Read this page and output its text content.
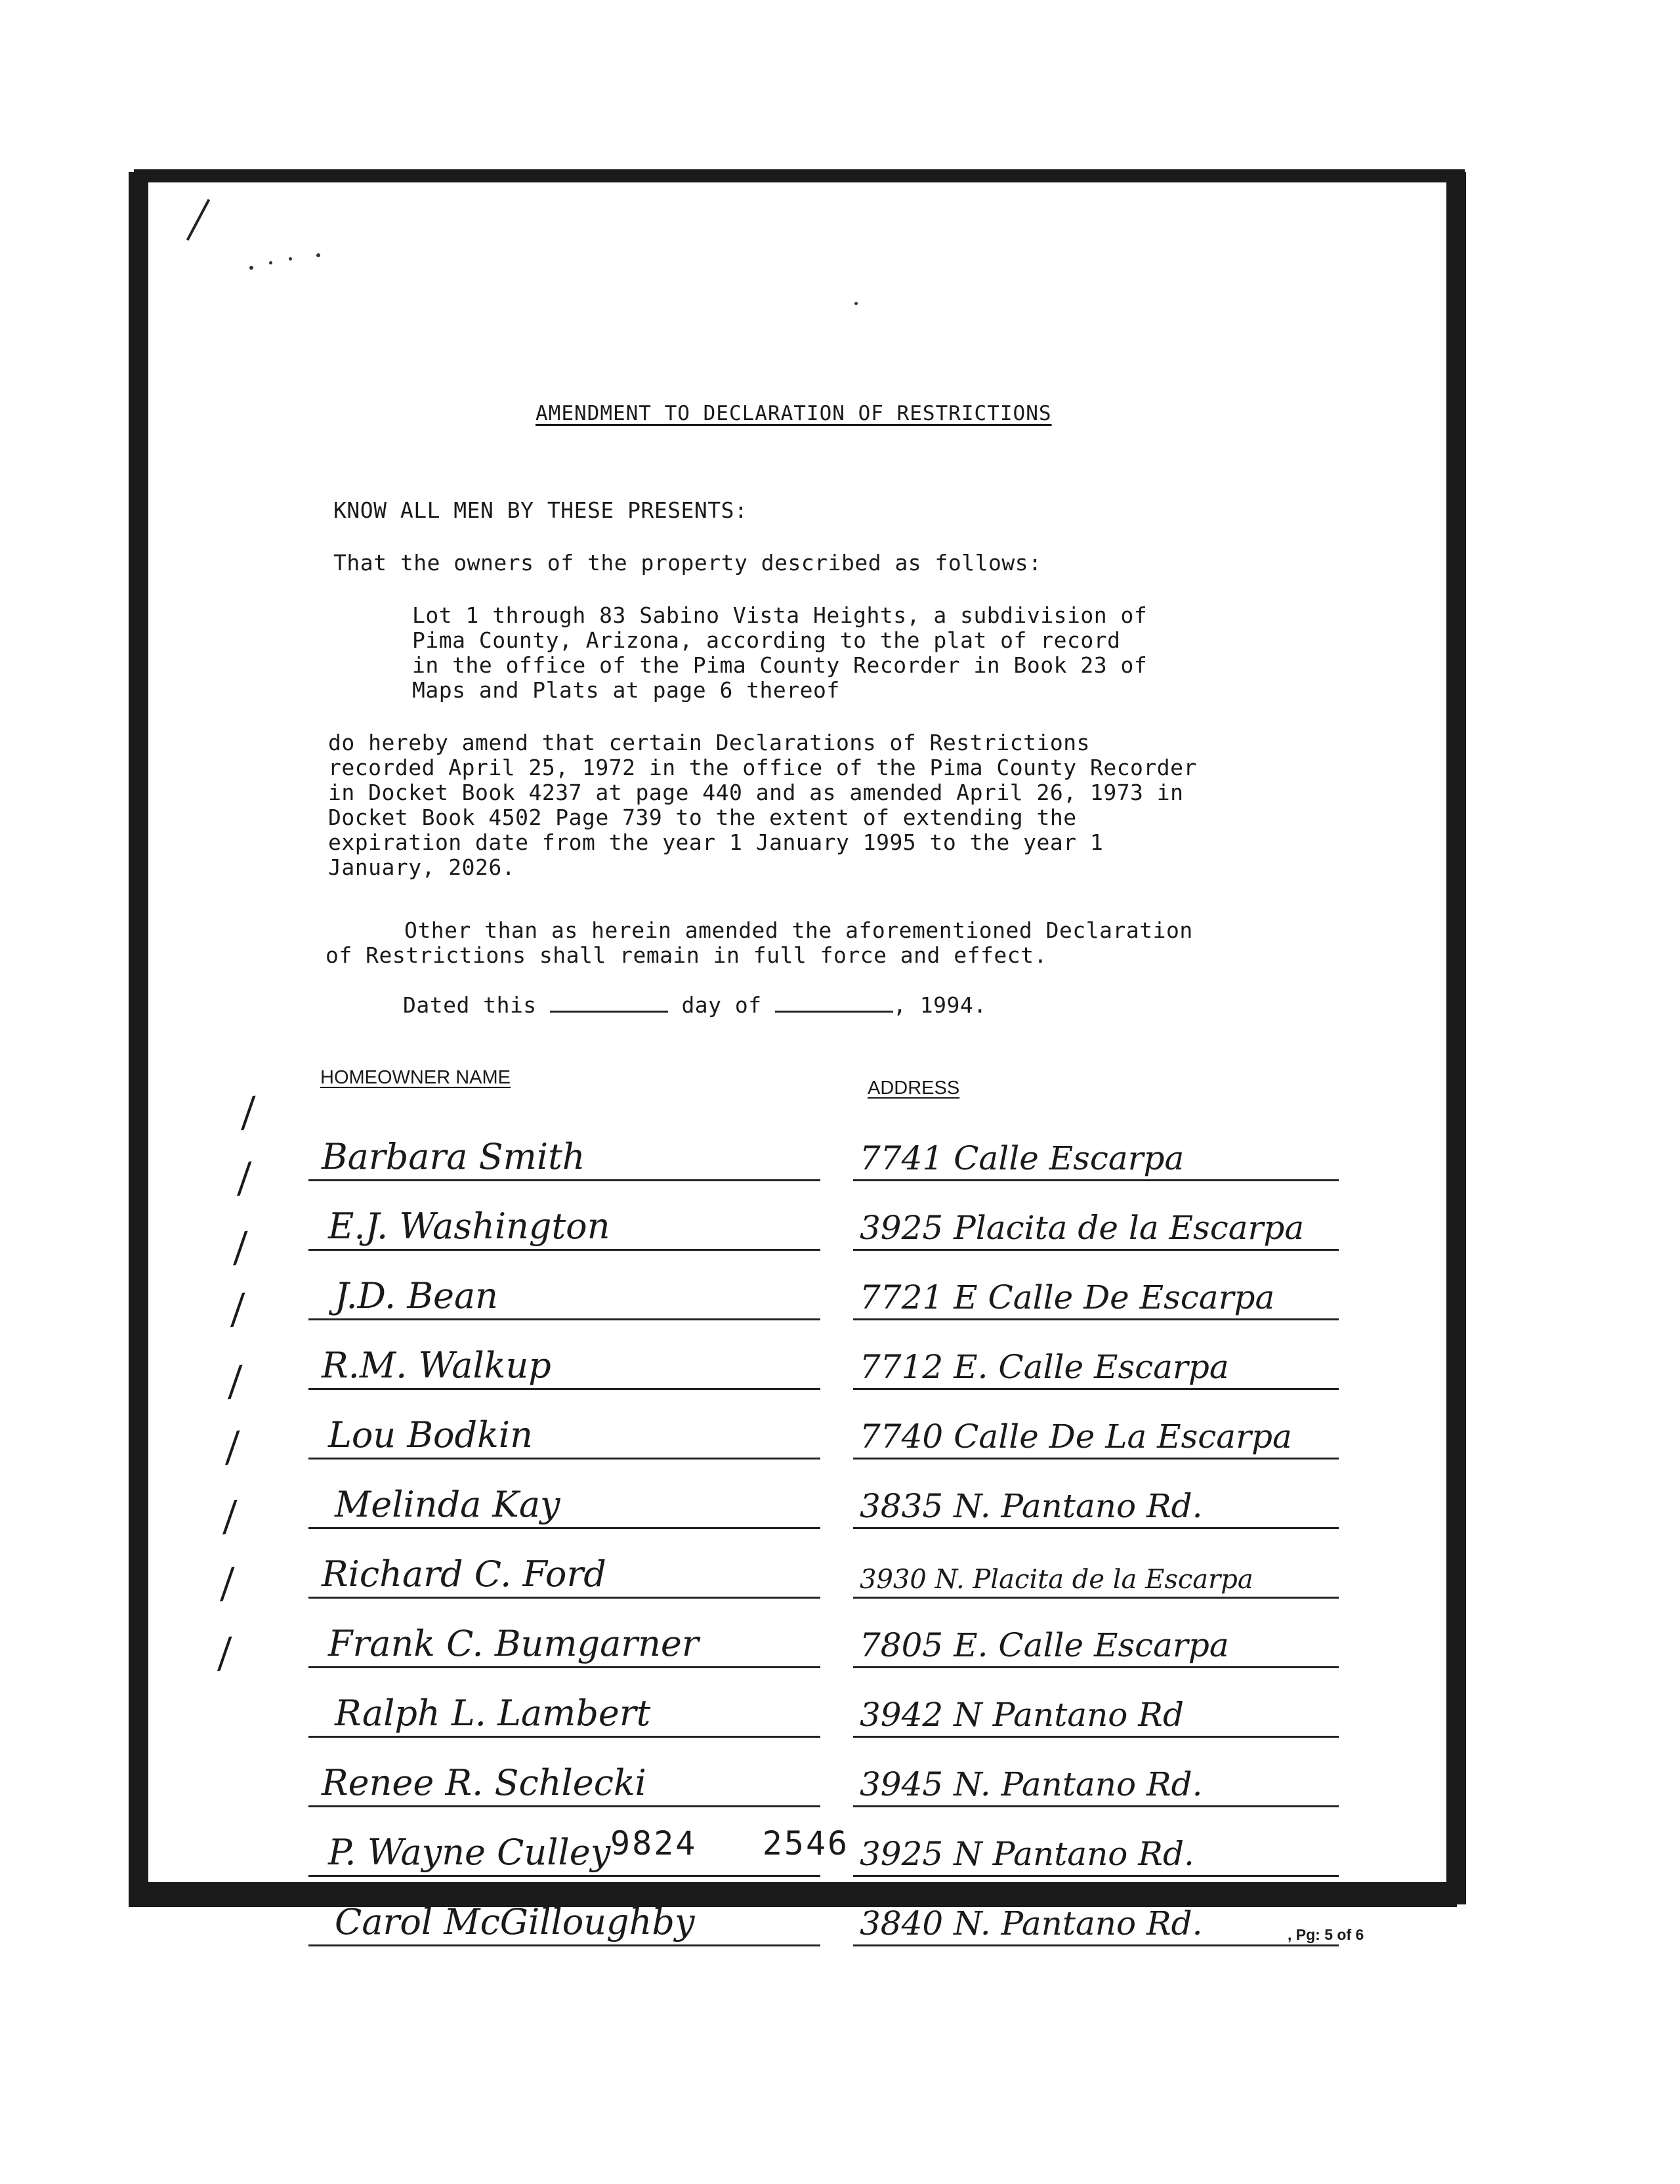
AMENDMENT TO DECLARATION OF RESTRICTIONS
KNOW ALL MEN BY THESE PRESENTS:
That the owners of the property described as follows:
Lot 1 through 83 Sabino Vista Heights, a subdivision of
Pima County, Arizona, according to the plat of record
in the office of the Pima County Recorder in Book 23 of
Maps and Plats at page 6 thereof
do hereby amend that certain Declarations of Restrictions
recorded April 25, 1972 in the office of the Pima County Recorder
in Docket Book 4237 at page 440 and as amended April 26, 1973 in
Docket Book 4502 Page 739 to the extent of extending the
expiration date from the year 1 January 1995 to the year 1
January, 2026.
Other than as herein amended the aforementioned Declaration
of Restrictions shall remain in full force and effect.
Dated this	day of	, 1994.
HOMEOWNER NAME	ADDRESS
/
/
/
/
/
/
/
/
/
Barbara Smith	7741 Calle Escarpa
E.J. Washington	3925 Placita de la Escarpa
J.D. Bean	7721 E Calle De Escarpa
R.M. Walkup	7712 E. Calle Escarpa
Lou Bodkin	7740 Calle De La Escarpa
Melinda Kay	3835 N. Pantano Rd.
Richard C. Ford	3930 N. Placita de la Escarpa
Frank C. Bumgarner	7805 E. Calle Escarpa
Ralph L. Lambert	3942 N Pantano Rd
Renee R. Schlecki	3945 N. Pantano Rd.
P. Wayne Culley	3925 N Pantano Rd.
Carol McGilloughby	3840 N. Pantano Rd.
9824 2546
, Pg: 5 of 6
